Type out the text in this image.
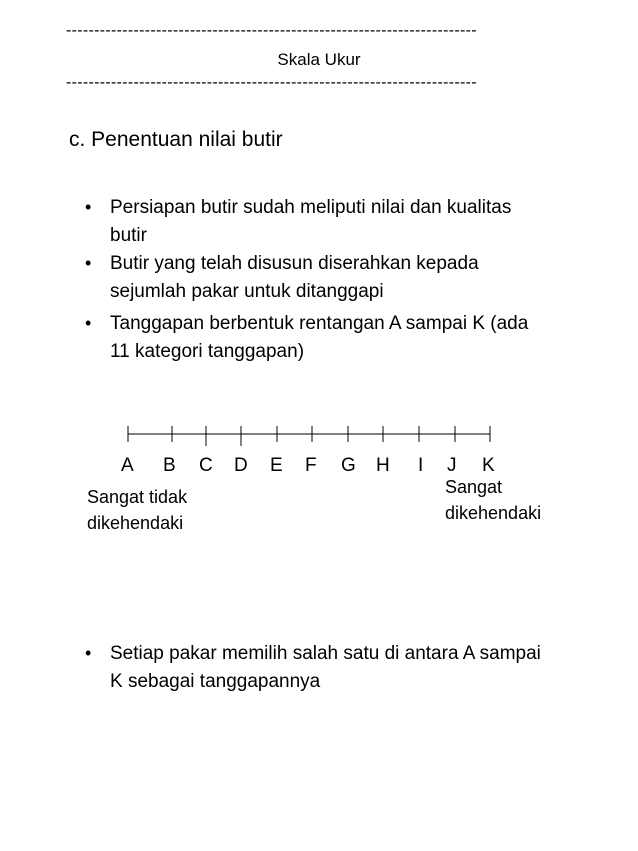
-------------------------------------------------------------------------
Skala Ukur
-------------------------------------------------------------------------
c. Penentuan nilai butir
• Persiapan butir sudah meliputi nilai dan kualitas
butir
• Butir yang telah disusun diserahkan kepada
sejumlah pakar untuk ditanggapi
• Tanggapan berbentuk rentangan A sampai K (ada
11 kategori tanggapan)
A B C D E F G H I J K
Sangat tidak
dikehendaki
Sangat
dikehendaki
• Setiap pakar memilih salah satu di antara A sampai
K sebagai tanggapannya
